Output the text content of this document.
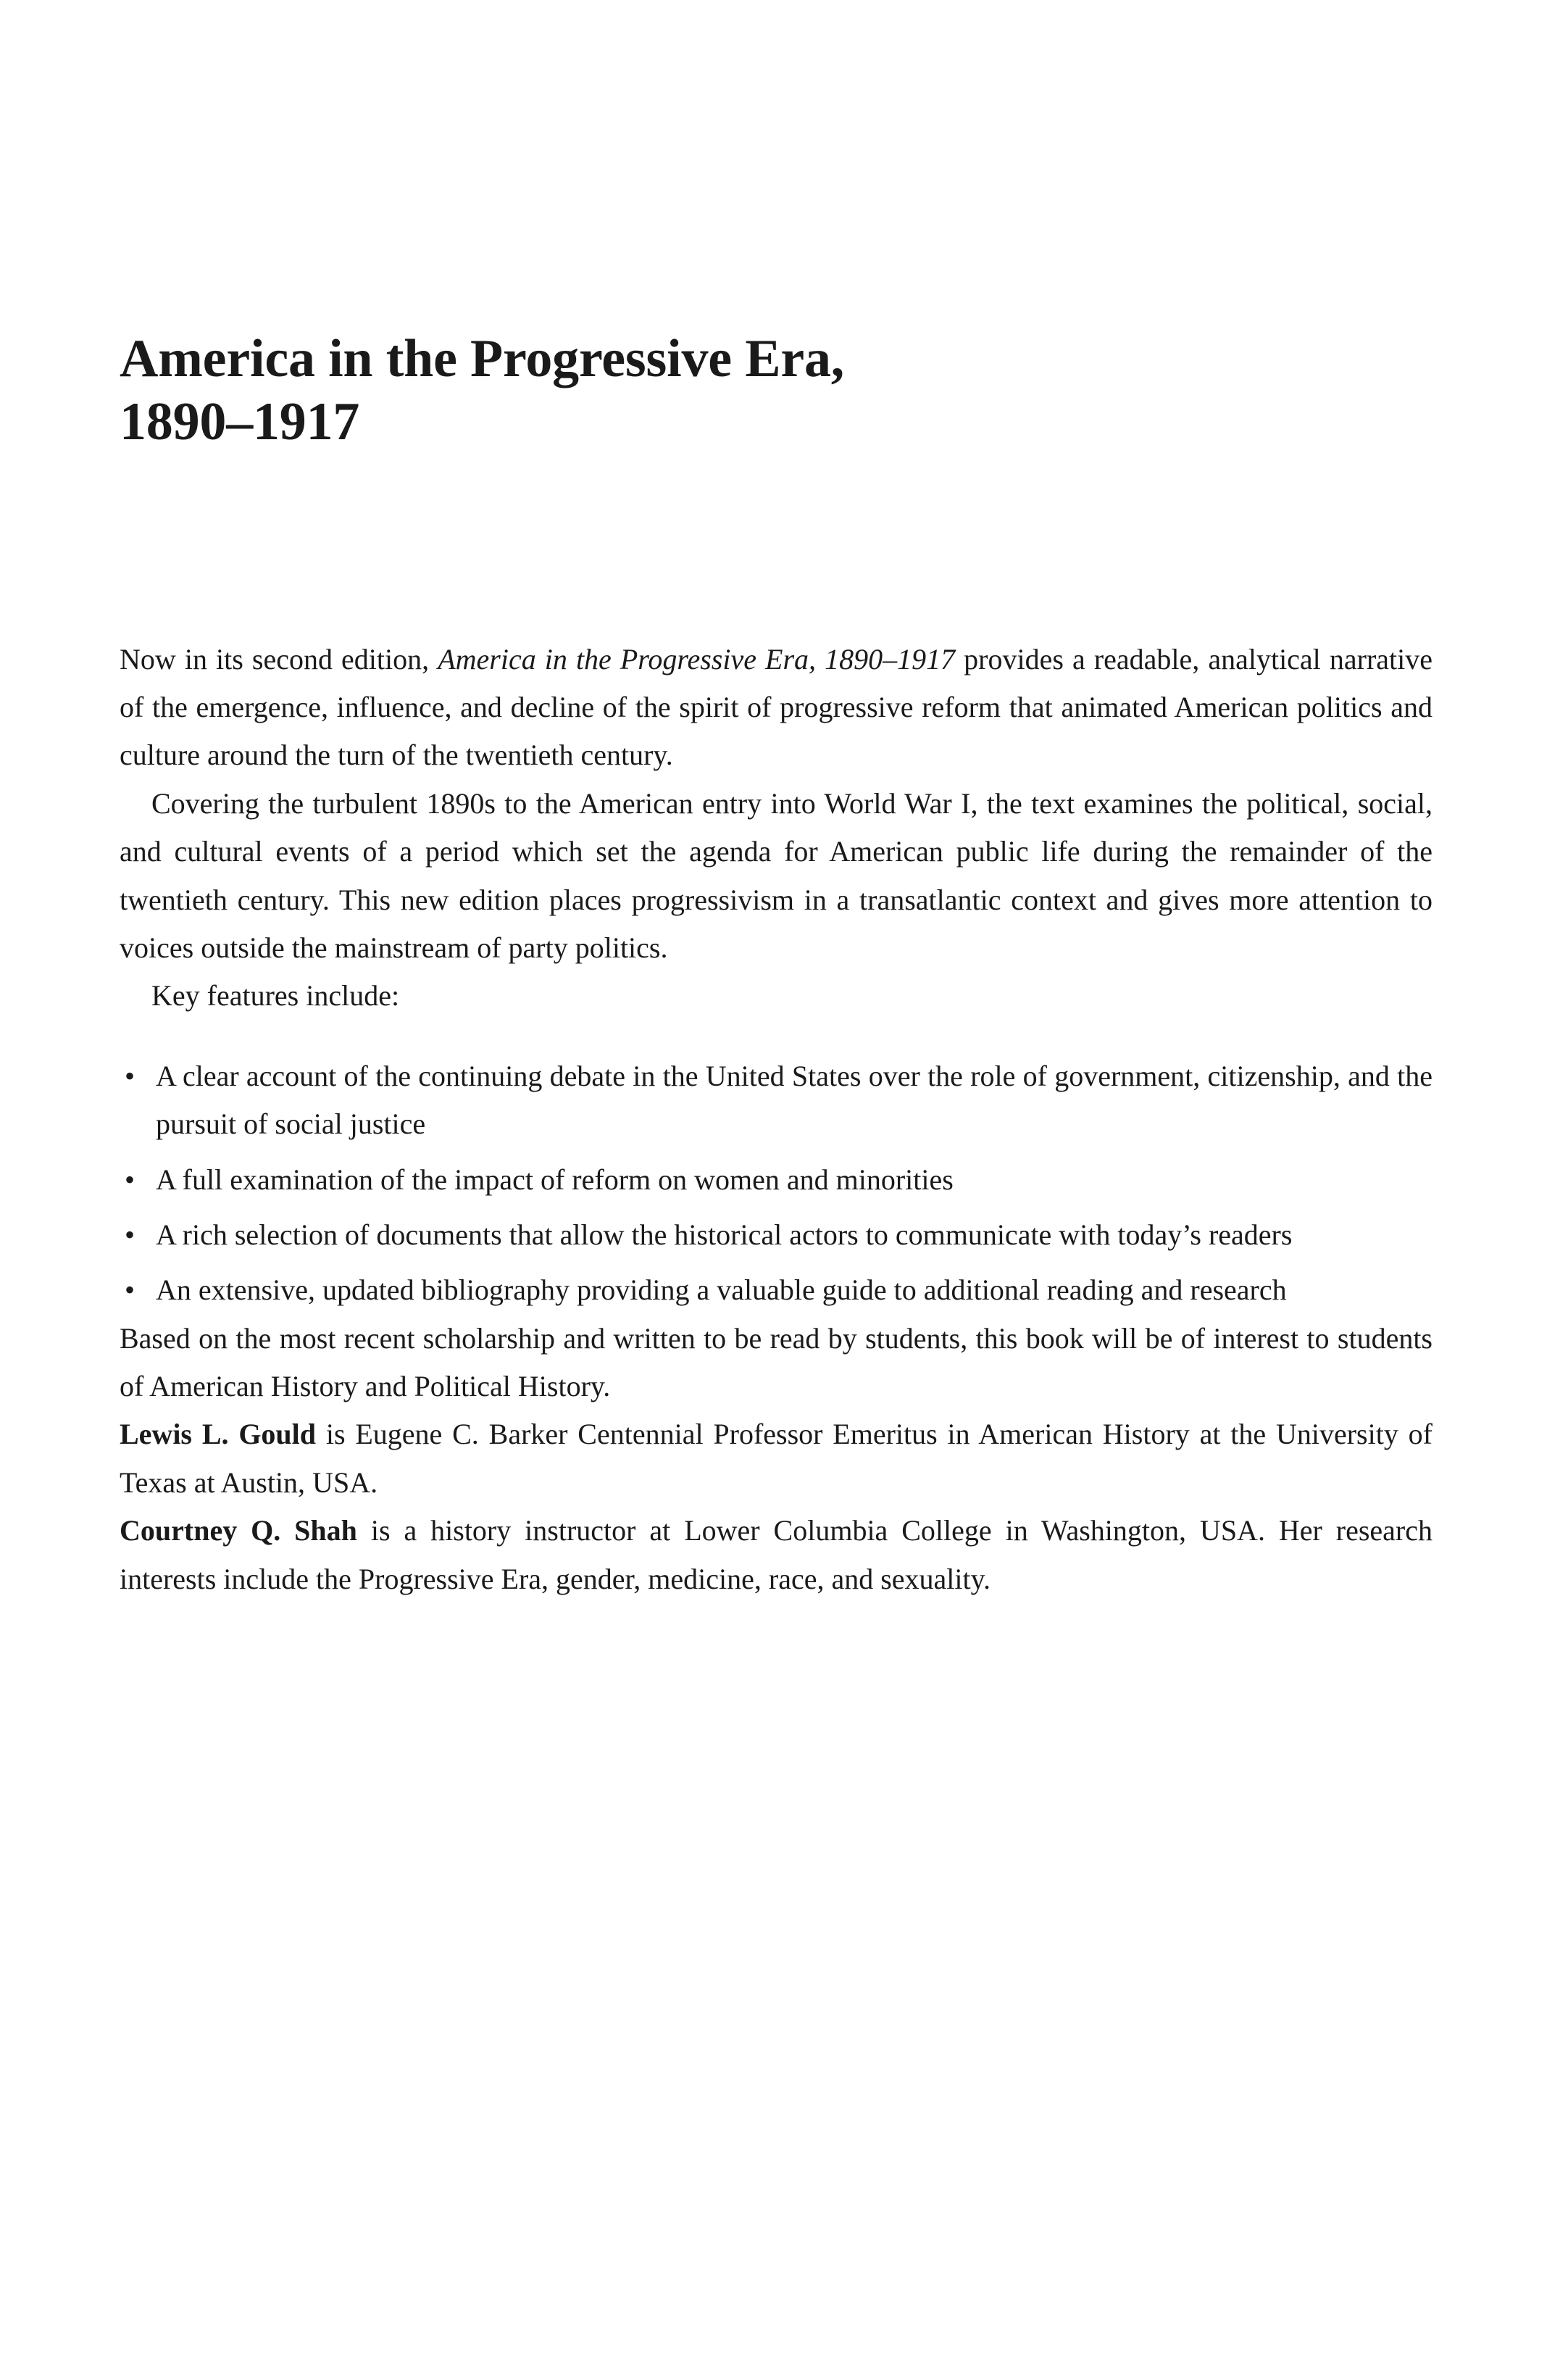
America in the Progressive Era,
1890–1917

Now in its second edition, America in the Progressive Era, 1890–1917 provides a readable, analytical narrative of the emergence, influence, and decline of the spirit of progressive reform that animated American politics and culture around the turn of the twentieth century.

Covering the turbulent 1890s to the American entry into World War I, the text examines the political, social, and cultural events of a period which set the agenda for American public life during the remainder of the twentieth century. This new edition places progressivism in a transatlantic context and gives more attention to voices outside the mainstream of party politics.

Key features include:

• A clear account of the continuing debate in the United States over the role of government, citizenship, and the pursuit of social justice
• A full examination of the impact of reform on women and minorities
• A rich selection of documents that allow the historical actors to communicate with today’s readers
• An extensive, updated bibliography providing a valuable guide to additional reading and research

Based on the most recent scholarship and written to be read by students, this book will be of interest to students of American History and Political History.

Lewis L. Gould is Eugene C. Barker Centennial Professor Emeritus in American History at the University of Texas at Austin, USA.

Courtney Q. Shah is a history instructor at Lower Columbia College in Washington, USA. Her research interests include the Progressive Era, gender, medicine, race, and sexuality.
